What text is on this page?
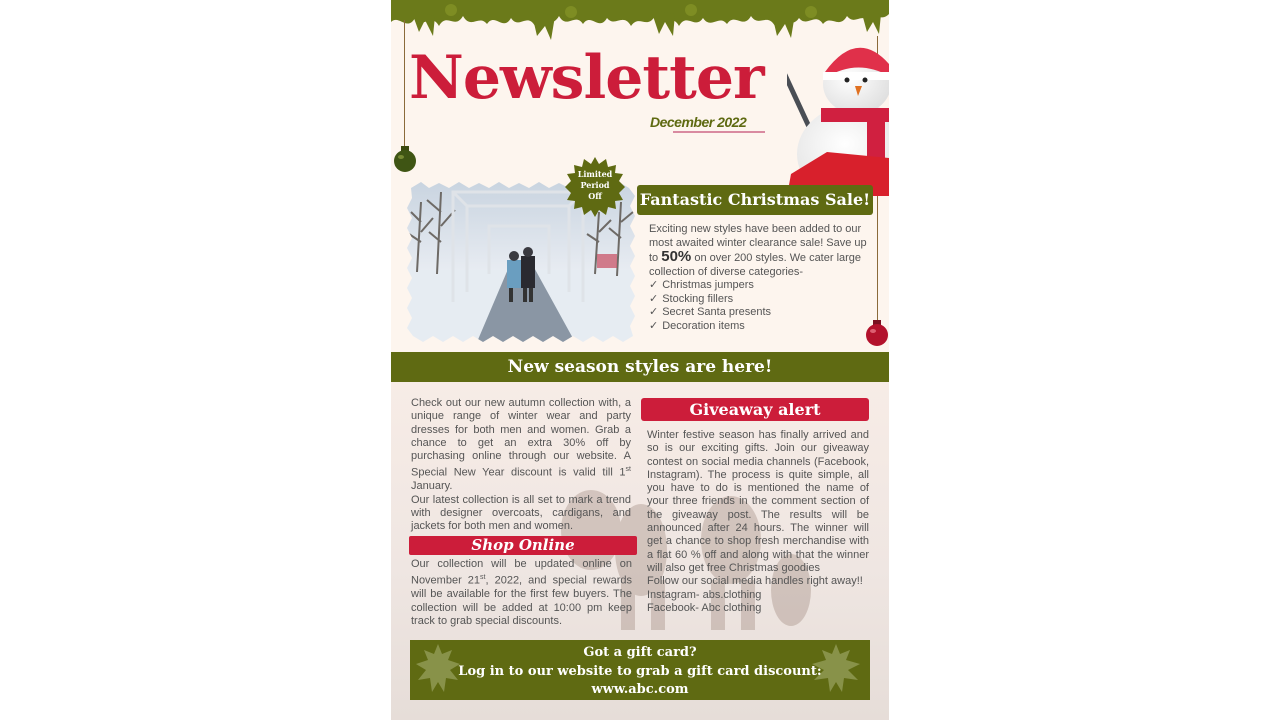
Newsletter
December 2022
Limited
Period
Off	Fantastic Christmas Sale!
Exciting new styles have been added to our most awaited winter clearance sale! Save up to 50% on over 200 styles. We cater large collection of diverse categories-
✓ Christmas jumpers
✓ Stocking fillers
✓ Secret Santa presents
✓ Decoration items
New season styles are here!

Check out our new autumn collection with, a unique range of winter wear and party dresses for both men and women. Grab a chance to get an extra 30% off by purchasing online through our website. A Special New Year discount is valid till 1st January.

Our latest collection is all set to mark a trend with designer overcoats, cardigans, and jackets for both men and women.

Shop Online

Our collection will be updated online on November 21st, 2022, and special rewards will be available for the first few buyers. The collection will be added at 10:00 pm keep track to grab special discounts.

Giveaway alert

Winter festive season has finally arrived and so is our exciting gifts. Join our giveaway contest on social media channels (Facebook, Instagram). The process is quite simple, all you have to do is mentioned the name of your three friends in the comment section of the giveaway post. The results will be announced after 24 hours. The winner will get a chance to shop fresh merchandise with a flat 60 % off and along with that the winner will also get free Christmas goodies

Follow our social media handles right away!!

Instagram- abs.clothing

Facebook- Abc clothing

Got a gift card?
Log in to our website to grab a gift card discount:
www.abc.com
